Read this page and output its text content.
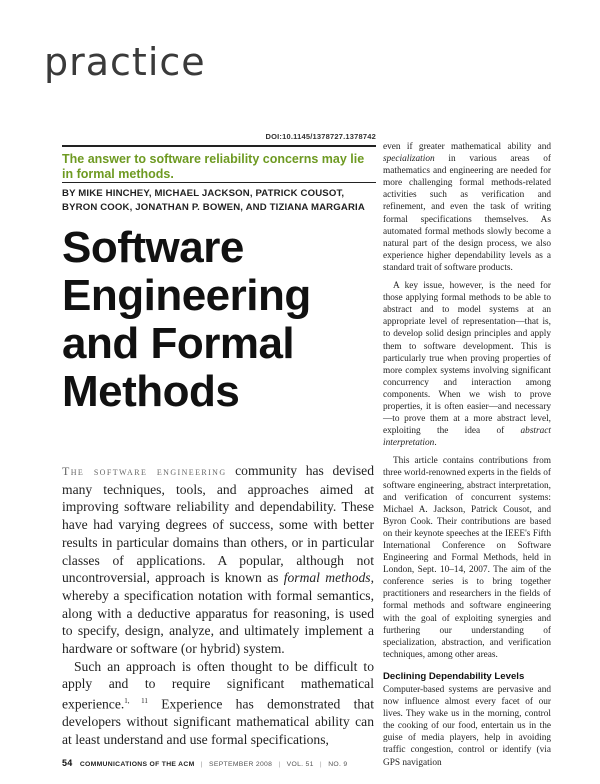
practice
DOI:10.1145/1378727.1378742

The answer to software reliability concerns may lie in formal methods.

BY MIKE HINCHEY, MICHAEL JACKSON, PATRICK COUSOT, BYRON COOK, JONATHAN P. BOWEN, AND TIZIANA MARGARIA

Software Engineering and Formal Methods

The software engineering community has devised many techniques, tools, and approaches aimed at improving software reliability and dependability. These have had varying degrees of success, some with better results in particular domains than others, or in particular classes of applications. A popular, although not uncontroversial, approach is known as formal methods, whereby a specification notation with formal semantics, along with a deductive apparatus for reasoning, is used to specify, design, analyze, and ultimately implement a hardware or software (or hybrid) system.

Such an approach is often thought to be difficult to apply and to require significant mathematical experience.$^{1, 11}$ Experience has demonstrated that developers without significant mathematical ability can at least understand and use formal specifications,

even if greater mathematical ability and specialization in various areas of mathematics and engineering are needed for more challenging formal methods-related activities such as verification and refinement, and even the task of writing formal specifications themselves. As automated formal methods slowly become a natural part of the design process, we also experience higher dependability levels as a standard trait of software products.

A key issue, however, is the need for those applying formal methods to be able to abstract and to model systems at an appropriate level of representation—that is, to develop solid design principles and apply them to software development. This is particularly true when proving properties of more complex systems involving significant concurrency and interaction among components. When we wish to prove properties, it is often easier—and necessary—to prove them at a more abstract level, exploiting the idea of abstract interpretation.

This article contains contributions from three world-renowned experts in the fields of software engineering, abstract interpretation, and verification of concurrent systems: Michael A. Jackson, Patrick Cousot, and Byron Cook. Their contributions are based on their keynote speeches at the IEEE's Fifth International Conference on Software Engineering and Formal Methods, held in London, Sept. 10–14, 2007. The aim of the conference series is to bring together practitioners and researchers in the fields of formal methods and software engineering with the goal of exploiting synergies and furthering our understanding of specialization, abstraction, and verification techniques, among other areas.

Declining Dependability Levels

Computer-based systems are pervasive and now influence almost every facet of our lives. They wake us in the morning, control the cooking of our food, entertain us in the guise of media players, help in avoiding traffic congestion, control or identify (via GPS navigation

54 COMMUNICATIONS OF THE ACM | SEPTEMBER 2008 | VOL. 51 | NO. 9
